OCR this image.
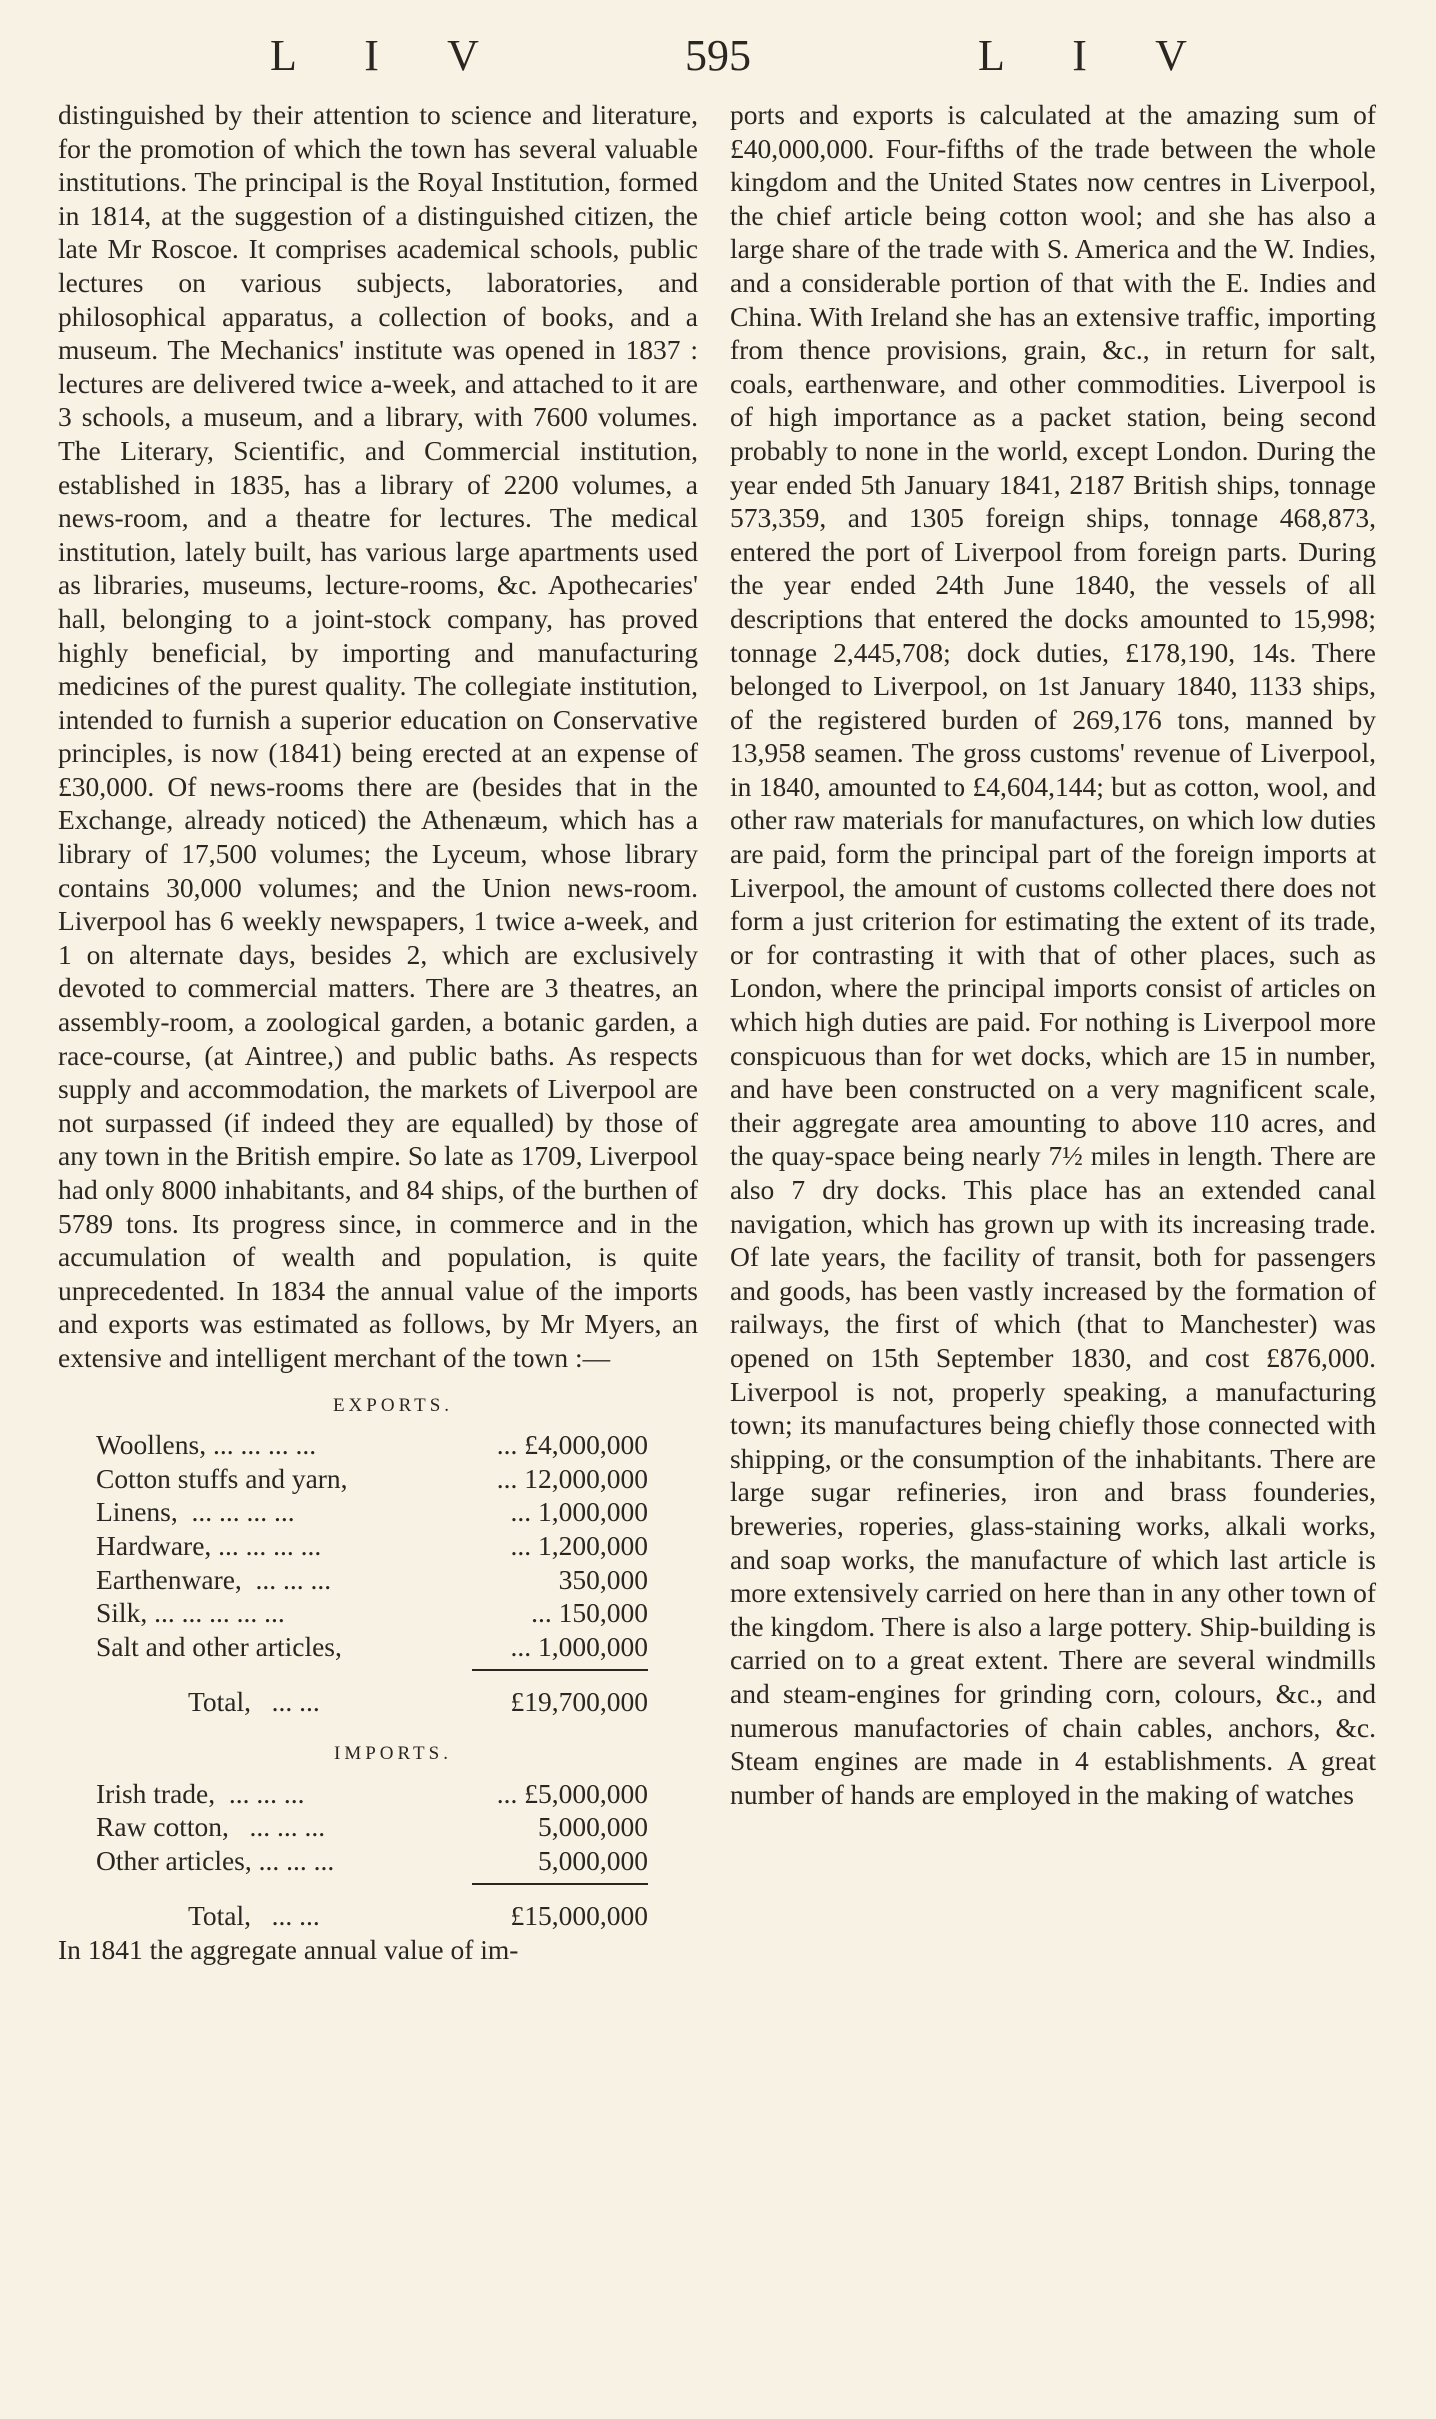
L I V	595	L I V

distinguished by their attention to science and literature, for the promotion of which the town has several valuable institutions. The principal is the Royal Institution, formed in 1814, at the suggestion of a distinguished citizen, the late Mr Roscoe. It comprises academical schools, public lectures on various subjects, laboratories, and philosophical apparatus, a collection of books, and a museum. The Mechanics' institute was opened in 1837 : lectures are delivered twice a-week, and attached to it are 3 schools, a museum, and a library, with 7600 volumes. The Literary, Scientific, and Commercial institution, established in 1835, has a library of 2200 volumes, a news-room, and a theatre for lectures. The medical institution, lately built, has various large apartments used as libraries, museums, lecture-rooms, &c. Apothecaries' hall, belonging to a joint-stock company, has proved highly beneficial, by importing and manufacturing medicines of the purest quality. The collegiate institution, intended to furnish a superior education on Conservative principles, is now (1841) being erected at an expense of £30,000. Of news-rooms there are (besides that in the Exchange, already noticed) the Athenæum, which has a library of 17,500 volumes; the Lyceum, whose library contains 30,000 volumes; and the Union news-room. Liverpool has 6 weekly newspapers, 1 twice a-week, and 1 on alternate days, besides 2, which are exclusively devoted to commercial matters. There are 3 theatres, an assembly-room, a zoological garden, a botanic garden, a race-course, (at Aintree,) and public baths. As respects supply and accommodation, the markets of Liverpool are not surpassed (if indeed they are equalled) by those of any town in the British empire. So late as 1709, Liverpool had only 8000 inhabitants, and 84 ships, of the burthen of 5789 tons. Its progress since, in commerce and in the accumulation of wealth and population, is quite unprecedented. In 1834 the annual value of the imports and exports was estimated as follows, by Mr Myers, an extensive and intelligent merchant of the town :—

EXPORTS.
Woollens, ... ... ... ...	... £4,000,000
Cotton stuffs and yarn,	... 12,000,000
Linens,  ... ... ... ...	... 1,000,000
Hardware, ... ... ... ...	... 1,200,000
Earthenware,  ... ... ...	350,000
Silk, ... ... ... ... ...	... 150,000
Salt and other articles,	... 1,000,000
Total,   ... ...	£19,700,000
IMPORTS.
Irish trade,  ... ... ...	... £5,000,000
Raw cotton,   ... ... ...	5,000,000
Other articles, ... ... ...	5,000,000
Total,   ... ...	£15,000,000

In 1841 the aggregate annual value of im-

ports and exports is calculated at the amazing sum of £40,000,000. Four-fifths of the trade between the whole kingdom and the United States now centres in Liverpool, the chief article being cotton wool; and she has also a large share of the trade with S. America and the W. Indies, and a considerable portion of that with the E. Indies and China. With Ireland she has an extensive traffic, importing from thence provisions, grain, &c., in return for salt, coals, earthenware, and other commodities. Liverpool is of high importance as a packet station, being second probably to none in the world, except London. During the year ended 5th January 1841, 2187 British ships, tonnage 573,359, and 1305 foreign ships, tonnage 468,873, entered the port of Liverpool from foreign parts. During the year ended 24th June 1840, the vessels of all descriptions that entered the docks amounted to 15,998; tonnage 2,445,708; dock duties, £178,190, 14s. There belonged to Liverpool, on 1st January 1840, 1133 ships, of the registered burden of 269,176 tons, manned by 13,958 seamen. The gross customs' revenue of Liverpool, in 1840, amounted to £4,604,144; but as cotton, wool, and other raw materials for manufactures, on which low duties are paid, form the principal part of the foreign imports at Liverpool, the amount of customs collected there does not form a just criterion for estimating the extent of its trade, or for contrasting it with that of other places, such as London, where the principal imports consist of articles on which high duties are paid. For nothing is Liverpool more conspicuous than for wet docks, which are 15 in number, and have been constructed on a very magnificent scale, their aggregate area amounting to above 110 acres, and the quay-space being nearly 7½ miles in length. There are also 7 dry docks. This place has an extended canal navigation, which has grown up with its increasing trade. Of late years, the facility of transit, both for passengers and goods, has been vastly increased by the formation of railways, the first of which (that to Manchester) was opened on 15th September 1830, and cost £876,000. Liverpool is not, properly speaking, a manufacturing town; its manufactures being chiefly those connected with shipping, or the consumption of the inhabitants. There are large sugar refineries, iron and brass founderies, breweries, roperies, glass-staining works, alkali works, and soap works, the manufacture of which last article is more extensively carried on here than in any other town of the kingdom. There is also a large pottery. Ship-building is carried on to a great extent. There are several windmills and steam-engines for grinding corn, colours, &c., and numerous manufactories of chain cables, anchors, &c. Steam engines are made in 4 establishments. A great number of hands are employed in the making of watches
